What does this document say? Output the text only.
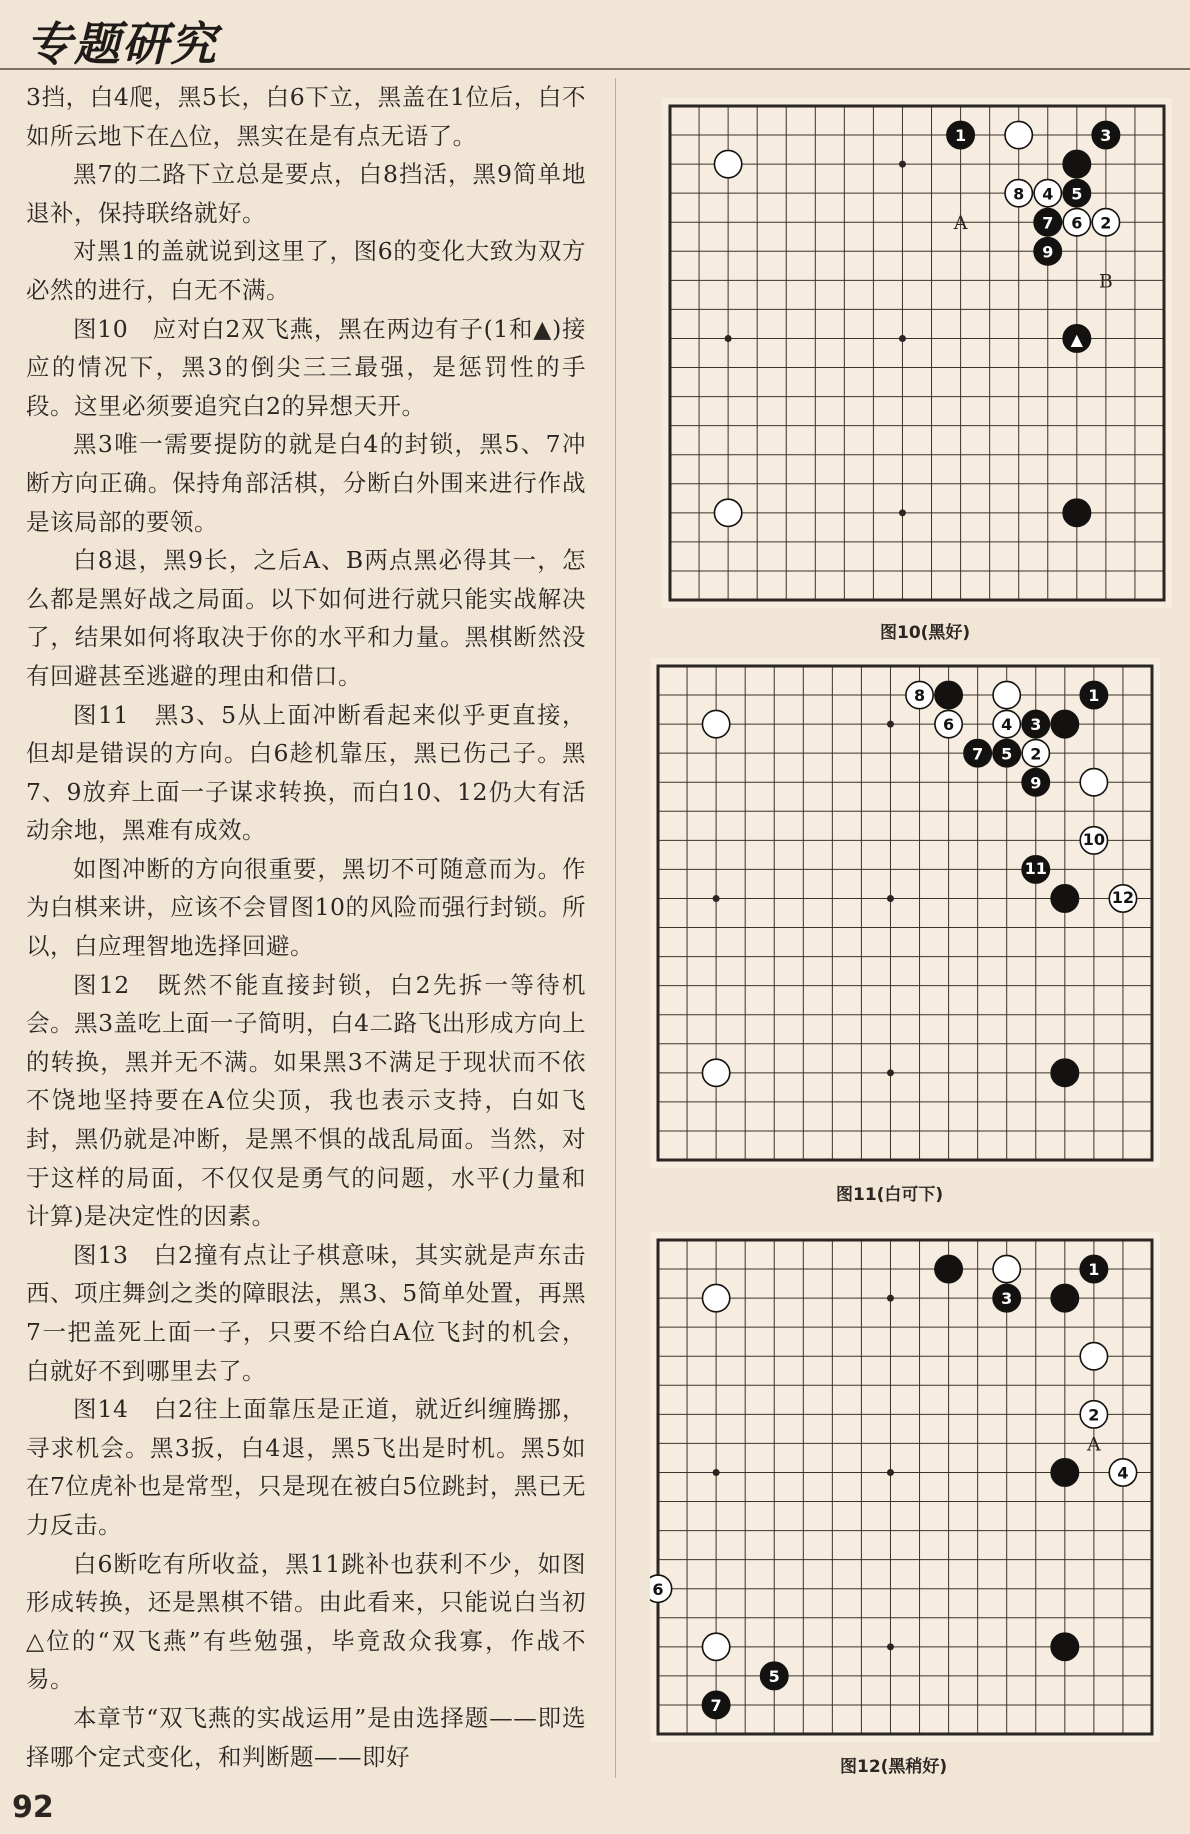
专题研究

3挡，白4爬，黑5长，白6下立，黑盖在1位后，白不如所云地下在△位，黑实在是有点无语了。

黑7的二路下立总是要点，白8挡活，黑9简单地退补，保持联络就好。

对黑1的盖就说到这里了，图6的变化大致为双方必然的进行，白无不满。

图10　应对白2双飞燕，黑在两边有子(1和▲)接应的情况下，黑3的倒尖三三最强，是惩罚性的手段。这里必须要追究白2的异想天开。

黑3唯一需要提防的就是白4的封锁，黑5、7冲断方向正确。保持角部活棋，分断白外围来进行作战是该局部的要领。

白8退，黑9长，之后A、B两点黑必得其一，怎么都是黑好战之局面。以下如何进行就只能实战解决了，结果如何将取决于你的水平和力量。黑棋断然没有回避甚至逃避的理由和借口。

图11　黑3、5从上面冲断看起来似乎更直接，但却是错误的方向。白6趁机靠压，黑已伤己子。黑7、9放弃上面一子谋求转换，而白10、12仍大有活动余地，黑难有成效。

如图冲断的方向很重要，黑切不可随意而为。作为白棋来讲，应该不会冒图10的风险而强行封锁。所以，白应理智地选择回避。

图12　既然不能直接封锁，白2先拆一等待机会。黑3盖吃上面一子简明，白4二路飞出形成方向上的转换，黑并无不满。如果黑3不满足于现状而不依不饶地坚持要在A位尖顶，我也表示支持，白如飞封，黑仍就是冲断，是黑不惧的战乱局面。当然，对于这样的局面，不仅仅是勇气的问题，水平(力量和计算)是决定性的因素。

图13　白2撞有点让子棋意味，其实就是声东击西、项庄舞剑之类的障眼法，黑3、5简单处置，再黑7一把盖死上面一子，只要不给白A位飞封的机会，白就好不到哪里去了。

图14　白2往上面靠压是正道，就近纠缠腾挪，寻求机会。黑3扳，白4退，黑5飞出是时机。黑5如在7位虎补也是常型，只是现在被白5位跳封，黑已无力反击。

白6断吃有所收益，黑11跳补也获利不少，如图形成转换，还是黑棋不错。由此看来，只能说白当初△位的“双飞燕”有些勉强，毕竟敌众我寡，作战不易。

本章节“双飞燕的实战运用”是由选择题——即选择哪个定式变化，和判断题——即好

A
B
1	3
8 4 5
7 6 2
9
▲
图10(黑好)
8	1
6	4 3
7 5 2
9
10
11
12
图11(白可下)
A
1
3
2
4
6
5
7
图12(黑稍好)
92
